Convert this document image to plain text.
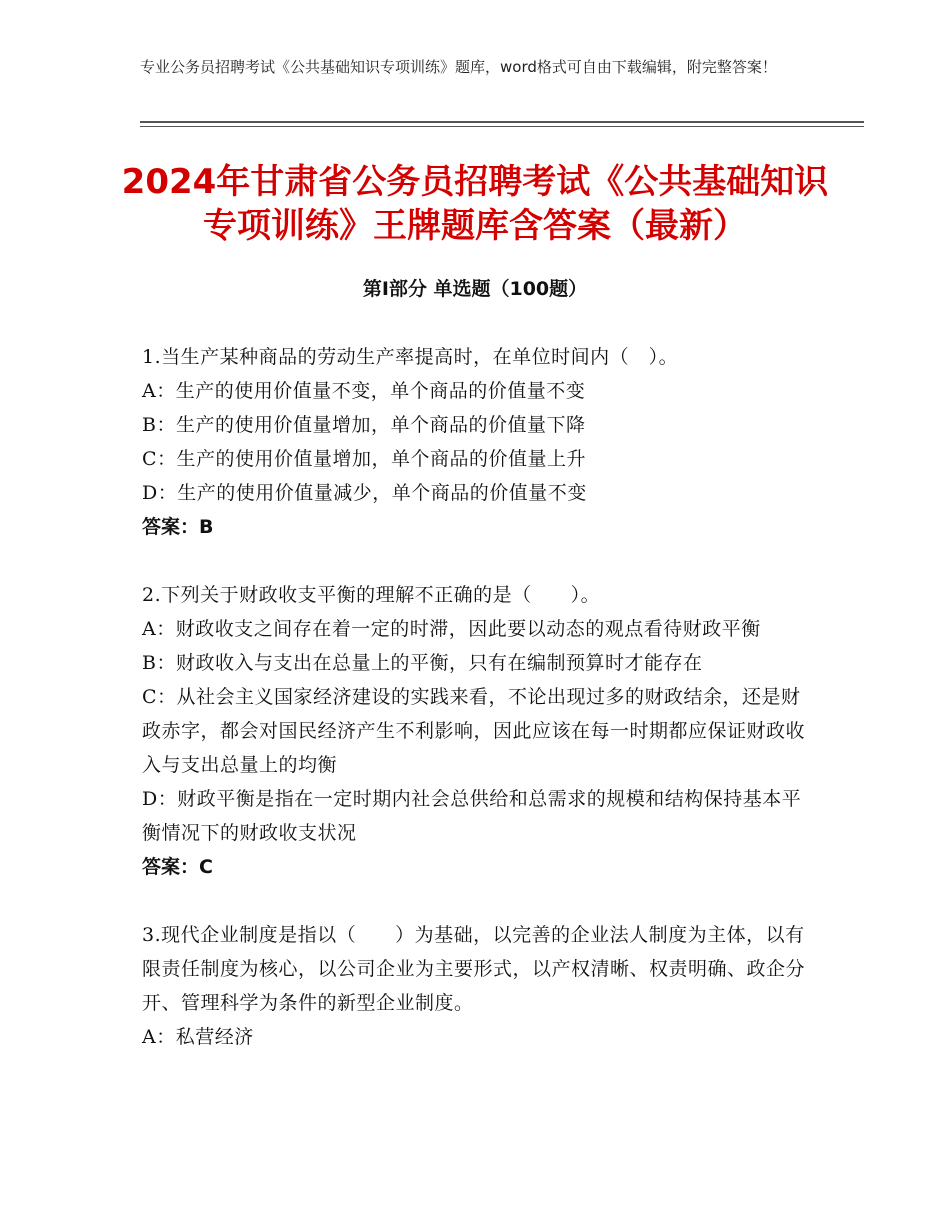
专业公务员招聘考试《公共基础知识专项训练》题库，word格式可自由下载编辑，附完整答案！
2024年甘肃省公务员招聘考试《公共基础知识专项训练》王牌题库含答案（最新）
第Ⅰ部分 单选题（100题）
1.当生产某种商品的劳动生产率提高时，在单位时间内（　）。
A：生产的使用价值量不变，单个商品的价值量不变
B：生产的使用价值量增加，单个商品的价值量下降
C：生产的使用价值量增加，单个商品的价值量上升
D：生产的使用价值量减少，单个商品的价值量不变
答案：B
2.下列关于财政收支平衡的理解不正确的是（　　）。
A：财政收支之间存在着一定的时滞，因此要以动态的观点看待财政平衡
B：财政收入与支出在总量上的平衡，只有在编制预算时才能存在
C：从社会主义国家经济建设的实践来看，不论出现过多的财政结余，还是财政赤字，都会对国民经济产生不利影响，因此应该在每一时期都应保证财政收入与支出总量上的均衡
D：财政平衡是指在一定时期内社会总供给和总需求的规模和结构保持基本平衡情况下的财政收支状况
答案：C
3.现代企业制度是指以（　　）为基础，以完善的企业法人制度为主体，以有限责任制度为核心，以公司企业为主要形式，以产权清晰、权责明确、政企分开、管理科学为条件的新型企业制度。
A：私营经济
